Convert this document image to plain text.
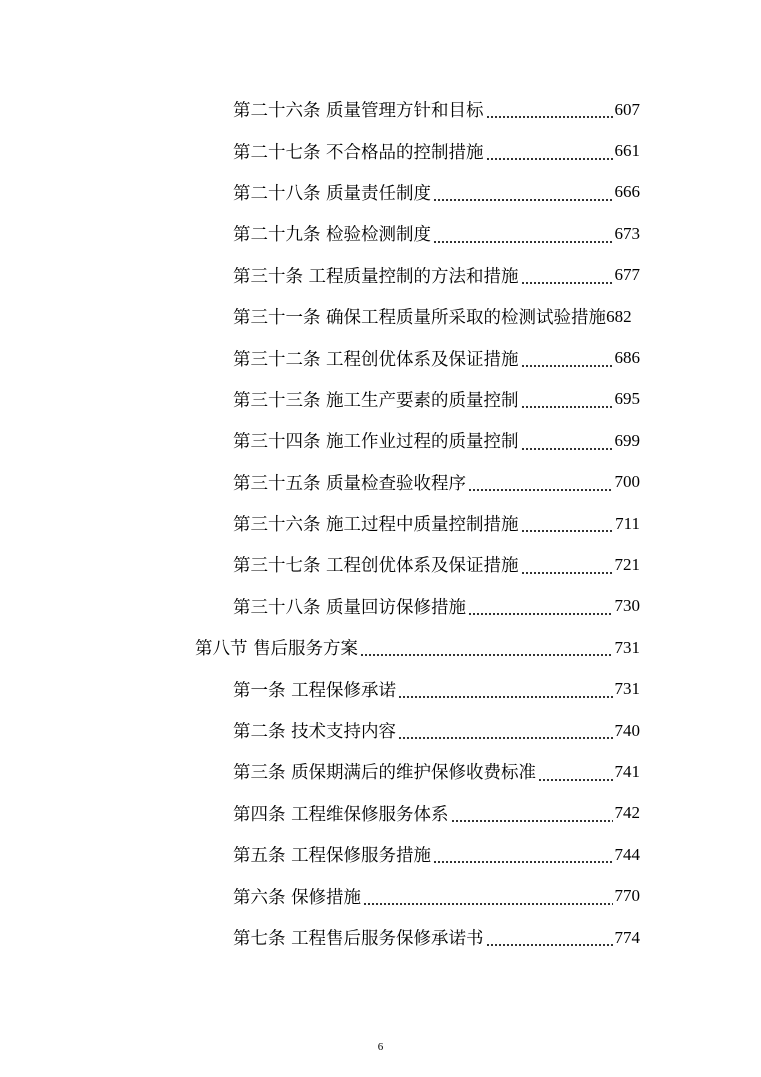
第二十六条 质量管理方针和目标	607
第二十七条 不合格品的控制措施	661
第二十八条 质量责任制度	666
第二十九条 检验检测制度	673
第三十条 工程质量控制的方法和措施	677
第三十一条 确保工程质量所采取的检测试验措施 682
第三十二条 工程创优体系及保证措施	686
第三十三条 施工生产要素的质量控制	695
第三十四条 施工作业过程的质量控制	699
第三十五条 质量检查验收程序	700
第三十六条 施工过程中质量控制措施	711
第三十七条 工程创优体系及保证措施	721
第三十八条 质量回访保修措施	730
第八节 售后服务方案	731
第一条 工程保修承诺	731
第二条 技术支持内容	740
第三条 质保期满后的维护保修收费标准	741
第四条 工程维保修服务体系	742
第五条 工程保修服务措施	744
第六条 保修措施	770
第七条 工程售后服务保修承诺书	774
6
